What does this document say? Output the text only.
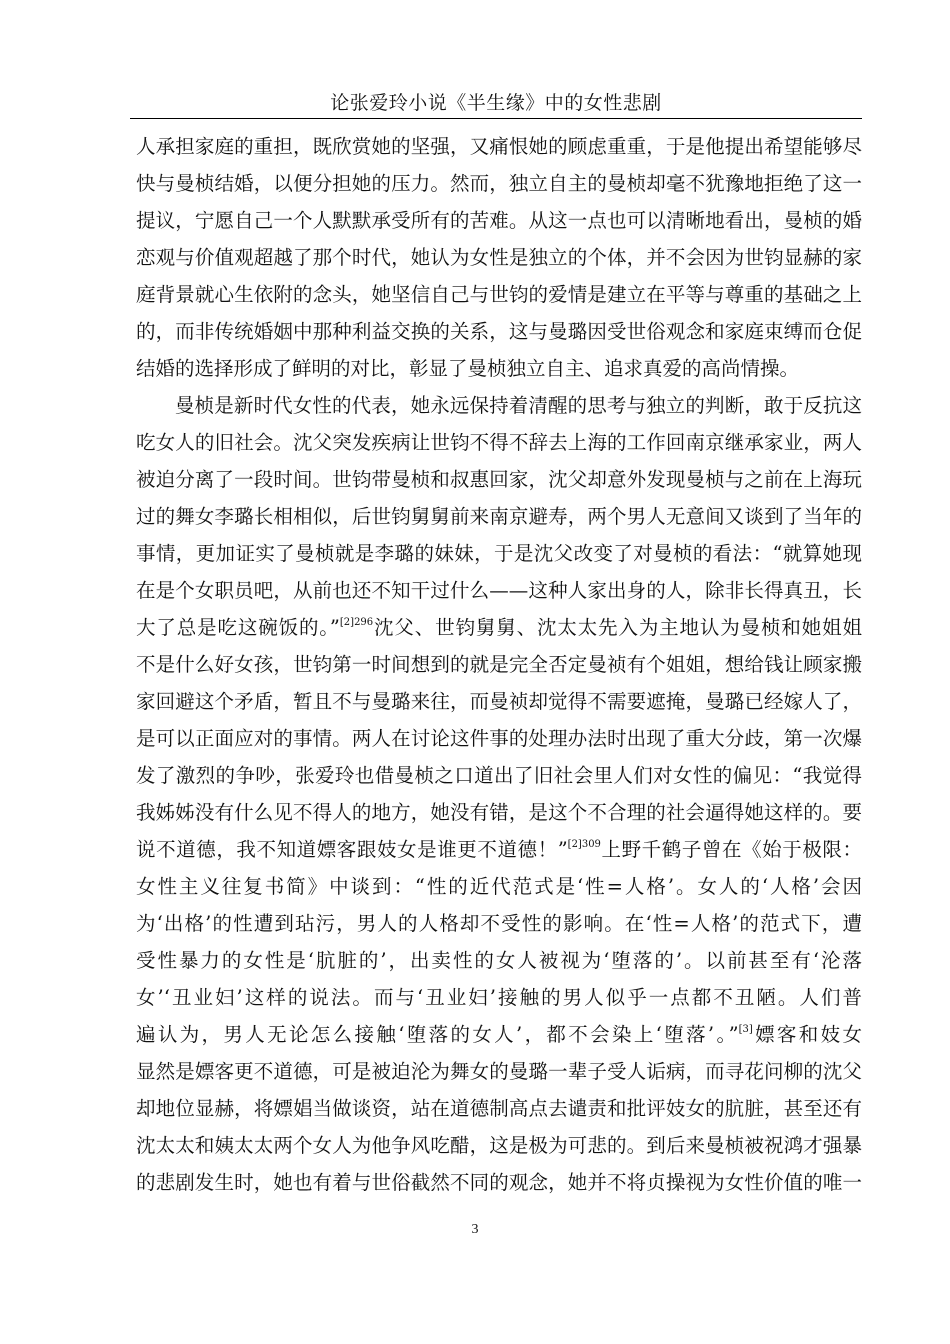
论张爱玲小说《半生缘》中的女性悲剧
人承担家庭的重担，既欣赏她的坚强，又痛恨她的顾虑重重，于是他提出希望能够尽
快与曼桢结婚，以便分担她的压力。然而，独立自主的曼桢却毫不犹豫地拒绝了这一
提议，宁愿自己一个人默默承受所有的苦难。从这一点也可以清晰地看出，曼桢的婚
恋观与价值观超越了那个时代，她认为女性是独立的个体，并不会因为世钧显赫的家
庭背景就心生依附的念头，她坚信自己与世钧的爱情是建立在平等与尊重的基础之上
的，而非传统婚姻中那种利益交换的关系，这与曼璐因受世俗观念和家庭束缚而仓促
结婚的选择形成了鲜明的对比，彰显了曼桢独立自主、追求真爱的高尚情操。
曼桢是新时代女性的代表，她永远保持着清醒的思考与独立的判断，敢于反抗这
吃女人的旧社会。沈父突发疾病让世钧不得不辞去上海的工作回南京继承家业，两人
被迫分离了一段时间。世钧带曼桢和叔惠回家，沈父却意外发现曼桢与之前在上海玩
过的舞女李璐长相相似，后世钧舅舅前来南京避寿，两个男人无意间又谈到了当年的
事情，更加证实了曼桢就是李璐的妹妹，于是沈父改变了对曼桢的看法：“就算她现
在是个女职员吧，从前也还不知干过什么——这种人家出身的人，除非长得真丑，长
大了总是吃这碗饭的。”$^{[2]296}$沈父、世钧舅舅、沈太太先入为主地认为曼桢和她姐姐
不是什么好女孩，世钧第一时间想到的就是完全否定曼祯有个姐姐，想给钱让顾家搬
家回避这个矛盾，暂且不与曼璐来往，而曼祯却觉得不需要遮掩，曼璐已经嫁人了，
是可以正面应对的事情。两人在讨论这件事的处理办法时出现了重大分歧，第一次爆
发了激烈的争吵，张爱玲也借曼桢之口道出了旧社会里人们对女性的偏见：“我觉得
我姊姊没有什么见不得人的地方，她没有错，是这个不合理的社会逼得她这样的。要
说不道德，我不知道嫖客跟妓女是谁更不道德！”$^{[2]309}$上野千鹤子曾在《始于极限：
女性主义往复书简》中谈到：“性的近代范式是‘性=人格’。女人的‘人格’会因
为‘出格’的性遭到玷污，男人的人格却不受性的影响。在‘性=人格’的范式下，遭
受性暴力的女性是‘肮脏的’，出卖性的女人被视为‘堕落的’。以前甚至有‘沦落
女’‘丑业妇’这样的说法。而与‘丑业妇’接触的男人似乎一点都不丑陋。人们普
遍认为，男人无论怎么接触‘堕落的女人’，都不会染上‘堕落’。”[3]嫖客和妓女
显然是嫖客更不道德，可是被迫沦为舞女的曼璐一辈子受人诟病，而寻花问柳的沈父
却地位显赫，将嫖娼当做谈资，站在道德制高点去谴责和批评妓女的肮脏，甚至还有
沈太太和姨太太两个女人为他争风吃醋，这是极为可悲的。到后来曼桢被祝鸿才强暴
的悲剧发生时，她也有着与世俗截然不同的观念，她并不将贞操视为女性价值的唯一
3
